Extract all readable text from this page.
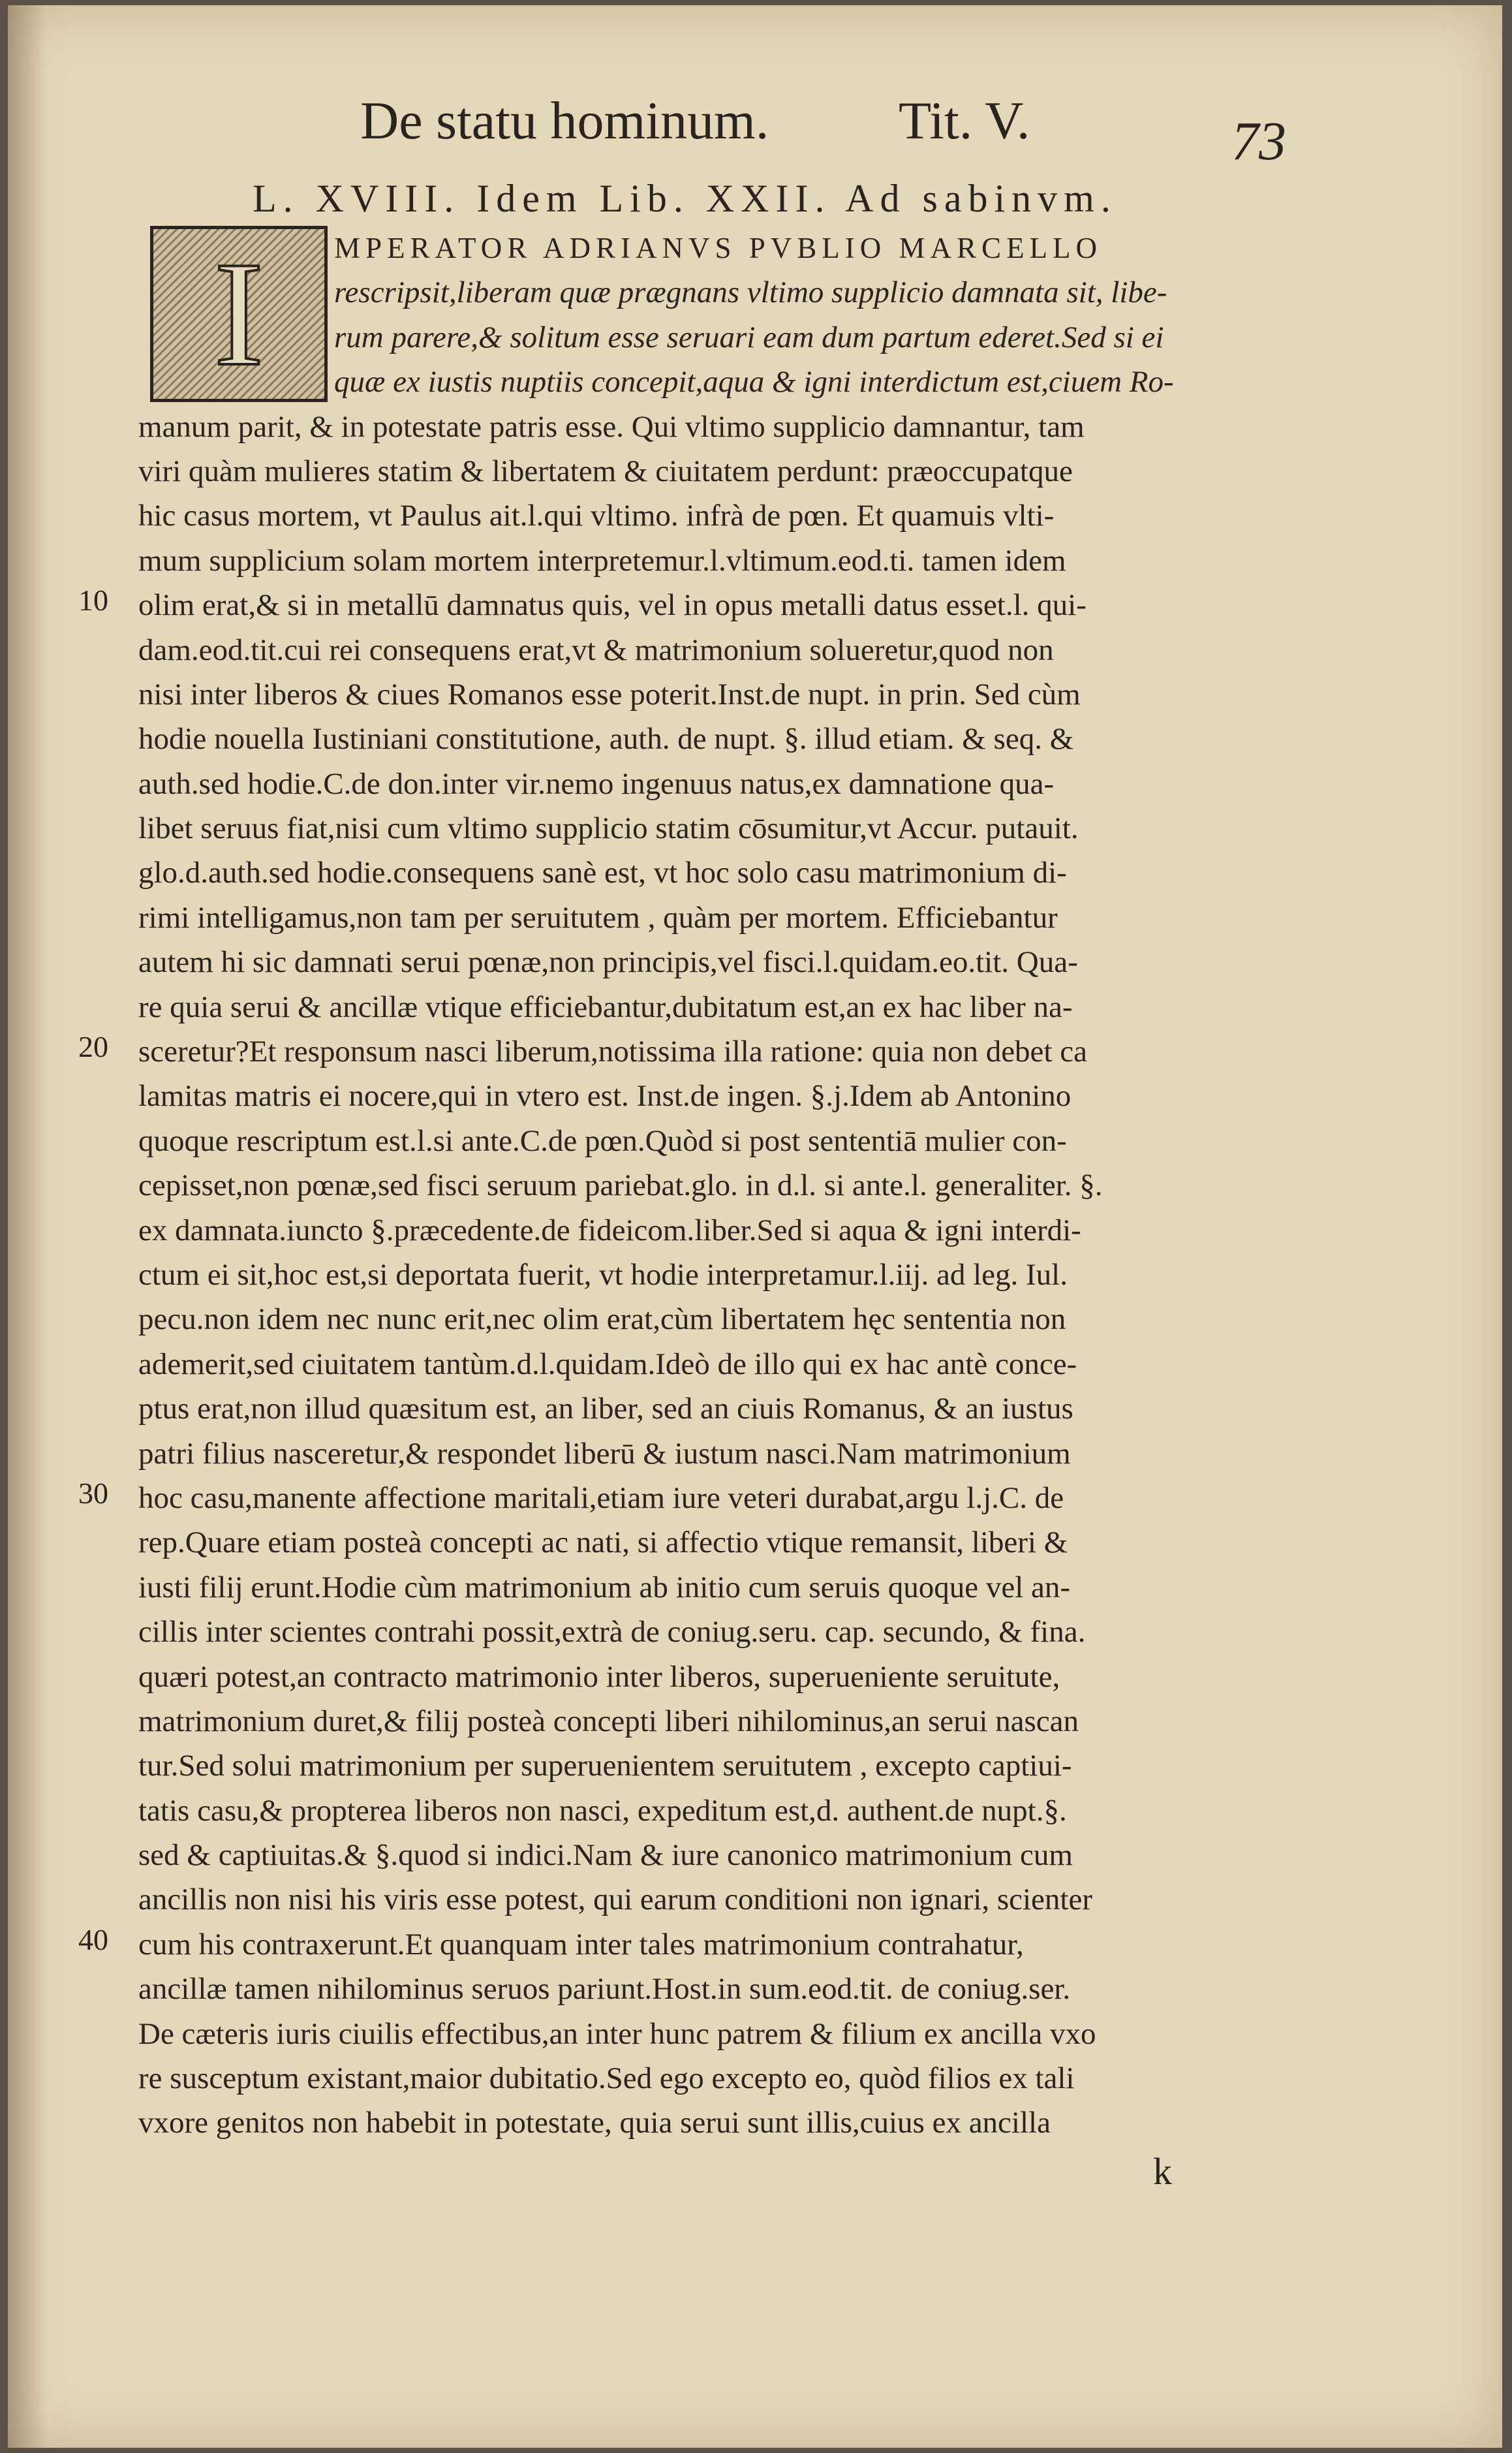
De statu hominum. Tit. V.	73
L. XVIII. Idem Lib. XXII. Ad sabinvm.
I
10
20
30
40
MPERATOR ADRIANVS PVBLIO MARCELLO
rescripsit,liberam quæ prægnans vltimo supplicio damnata sit, libe-
rum parere,& solitum esse seruari eam dum partum ederet.Sed si ei
quæ ex iustis nuptiis concepit,aqua & igni interdictum est,ciuem Ro-
manum parit, & in potestate patris esse. Qui vltimo supplicio damnantur, tam
viri quàm mulieres statim & libertatem & ciuitatem perdunt: præoccupatque
hic casus mortem, vt Paulus ait.l.qui vltimo. infrà de pœn. Et quamuis vlti-
mum supplicium solam mortem interpretemur.l.vltimum.eod.ti. tamen idem
olim erat,& si in metallū damnatus quis, vel in opus metalli datus esset.l. qui-
dam.eod.tit.cui rei consequens erat,vt & matrimonium solueretur,quod non
nisi inter liberos & ciues Romanos esse poterit.Inst.de nupt. in prin. Sed cùm
hodie nouella Iustiniani constitutione, auth. de nupt. §. illud etiam. & seq. &
auth.sed hodie.C.de don.inter vir.nemo ingenuus natus,ex damnatione qua-
libet seruus fiat,nisi cum vltimo supplicio statim cōsumitur,vt Accur. putauit.
glo.d.auth.sed hodie.consequens sanè est, vt hoc solo casu matrimonium di-
rimi intelligamus,non tam per seruitutem , quàm per mortem. Efficiebantur
autem hi sic damnati serui pœnæ,non principis,vel fisci.l.quidam.eo.tit. Qua-
re quia serui & ancillæ vtique efficiebantur,dubitatum est,an ex hac liber na-
sceretur?Et responsum nasci liberum,notissima illa ratione: quia non debet ca
lamitas matris ei nocere,qui in vtero est. Inst.de ingen. §.j.Idem ab Antonino
quoque rescriptum est.l.si ante.C.de pœn.Quòd si post sententiā mulier con-
cepisset,non pœnæ,sed fisci seruum pariebat.glo. in d.l. si ante.l. generaliter. §.
ex damnata.iuncto §.præcedente.de fideicom.liber.Sed si aqua & igni interdi-
ctum ei sit,hoc est,si deportata fuerit, vt hodie interpretamur.l.iij. ad leg. Iul.
pecu.non idem nec nunc erit,nec olim erat,cùm libertatem hęc sententia non
ademerit,sed ciuitatem tantùm.d.l.quidam.Ideò de illo qui ex hac antè conce-
ptus erat,non illud quæsitum est, an liber, sed an ciuis Romanus, & an iustus
patri filius nasceretur,& respondet liberū & iustum nasci.Nam matrimonium
hoc casu,manente affectione maritali,etiam iure veteri durabat,argu l.j.C. de
rep.Quare etiam posteà concepti ac nati, si affectio vtique remansit, liberi &
iusti filij erunt.Hodie cùm matrimonium ab initio cum seruis quoque vel an-
cillis inter scientes contrahi possit,extrà de coniug.seru. cap. secundo, & fina.
quæri potest,an contracto matrimonio inter liberos, superueniente seruitute,
matrimonium duret,& filij posteà concepti liberi nihilominus,an serui nascan
tur.Sed solui matrimonium per superuenientem seruitutem , excepto captiui-
tatis casu,& propterea liberos non nasci, expeditum est,d. authent.de nupt.§.
sed & captiuitas.& §.quod si indici.Nam & iure canonico matrimonium cum
ancillis non nisi his viris esse potest, qui earum conditioni non ignari, scienter
cum his contraxerunt.Et quanquam inter tales matrimonium contrahatur,
ancillæ tamen nihilominus seruos pariunt.Host.in sum.eod.tit. de coniug.ser.
De cæteris iuris ciuilis effectibus,an inter hunc patrem & filium ex ancilla vxo
re susceptum existant,maior dubitatio.Sed ego excepto eo, quòd filios ex tali
vxore genitos non habebit in potestate, quia serui sunt illis,cuius ex ancilla
k
